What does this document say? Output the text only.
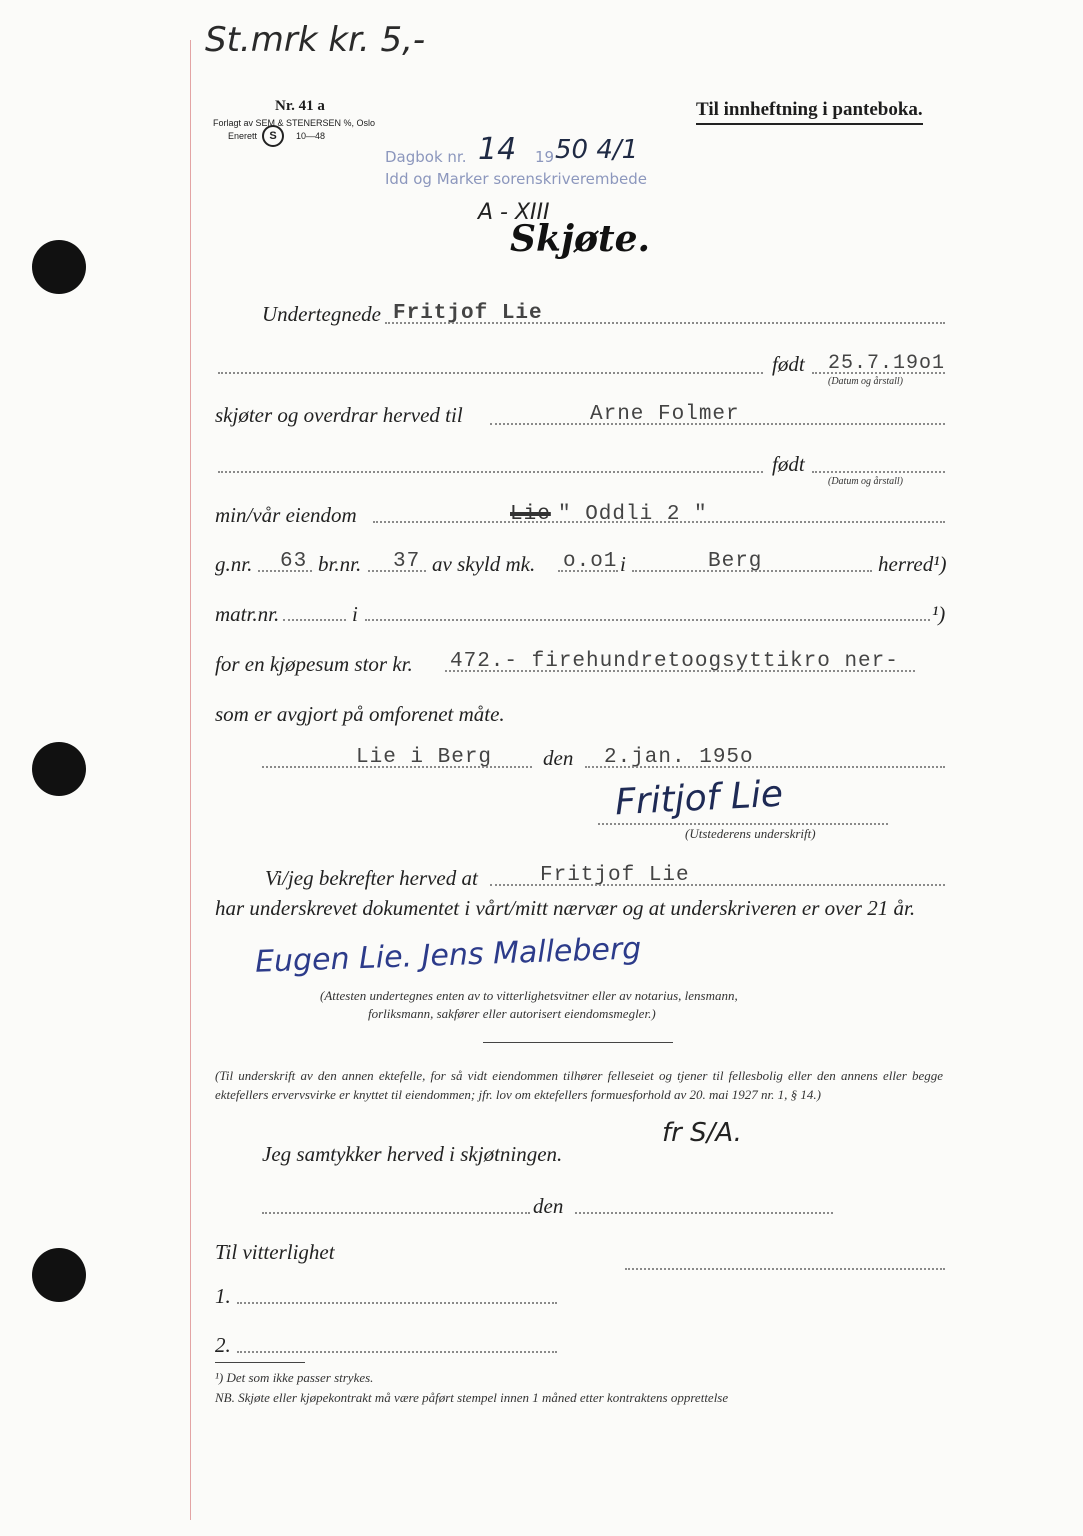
St.mrk kr. 5,-
Nr. 41 a
Forlagt av SEM & STENERSEN %, Oslo
Enerett	S	10—48
Til innheftning i panteboka.
Dagbok nr. 14 19 50 4/1
Idd og Marker sorenskriverembede
A - XIII
Skjøte.
Undertegnede Fritjof Lie
født 25.7.19o1
(Datum og årstall)
skjøter og overdrar herved til	Arne Folmer
født
(Datum og årstall)
min/vår eiendom	Lie " Oddli 2 "
g.nr. 63 br.nr. 37 av skyld mk. o.o1 i	Berg	herred¹)
matr.nr.	i	¹)
for en kjøpesum stor kr. 472.- firehundretoogsyttikro ner-
som er avgjort på omforenet måte.
Lie i Berg den 2.jan. 195o
Fritjof Lie
(Utstederens underskrift)
Vi/jeg bekrefter herved at	Fritjof Lie
har underskrevet dokumentet i vårt/mitt nærvær og at underskriveren er over 21 år.
Eugen Lie. Jens Malleberg
(Attesten undertegnes enten av to vitterlighetsvitner eller av notarius, lensmann,
forliksmann, sakfører eller autorisert eiendomsmegler.)
(Til underskrift av den annen ektefelle, for så vidt eiendommen tilhører felleseiet og tjener til fellesbolig eller den annens eller begge ektefellers ervervsvirke er knyttet til eiendommen; jfr. lov om ektefellers formuesforhold av 20. mai 1927 nr. 1, § 14.)
Jeg samtykker herved i skjøtningen.
fr S/A.
den
Til vitterlighet
1.
2.
¹) Det som ikke passer strykes.
NB. Skjøte eller kjøpekontrakt må være påført stempel innen 1 måned etter kontraktens opprettelse
